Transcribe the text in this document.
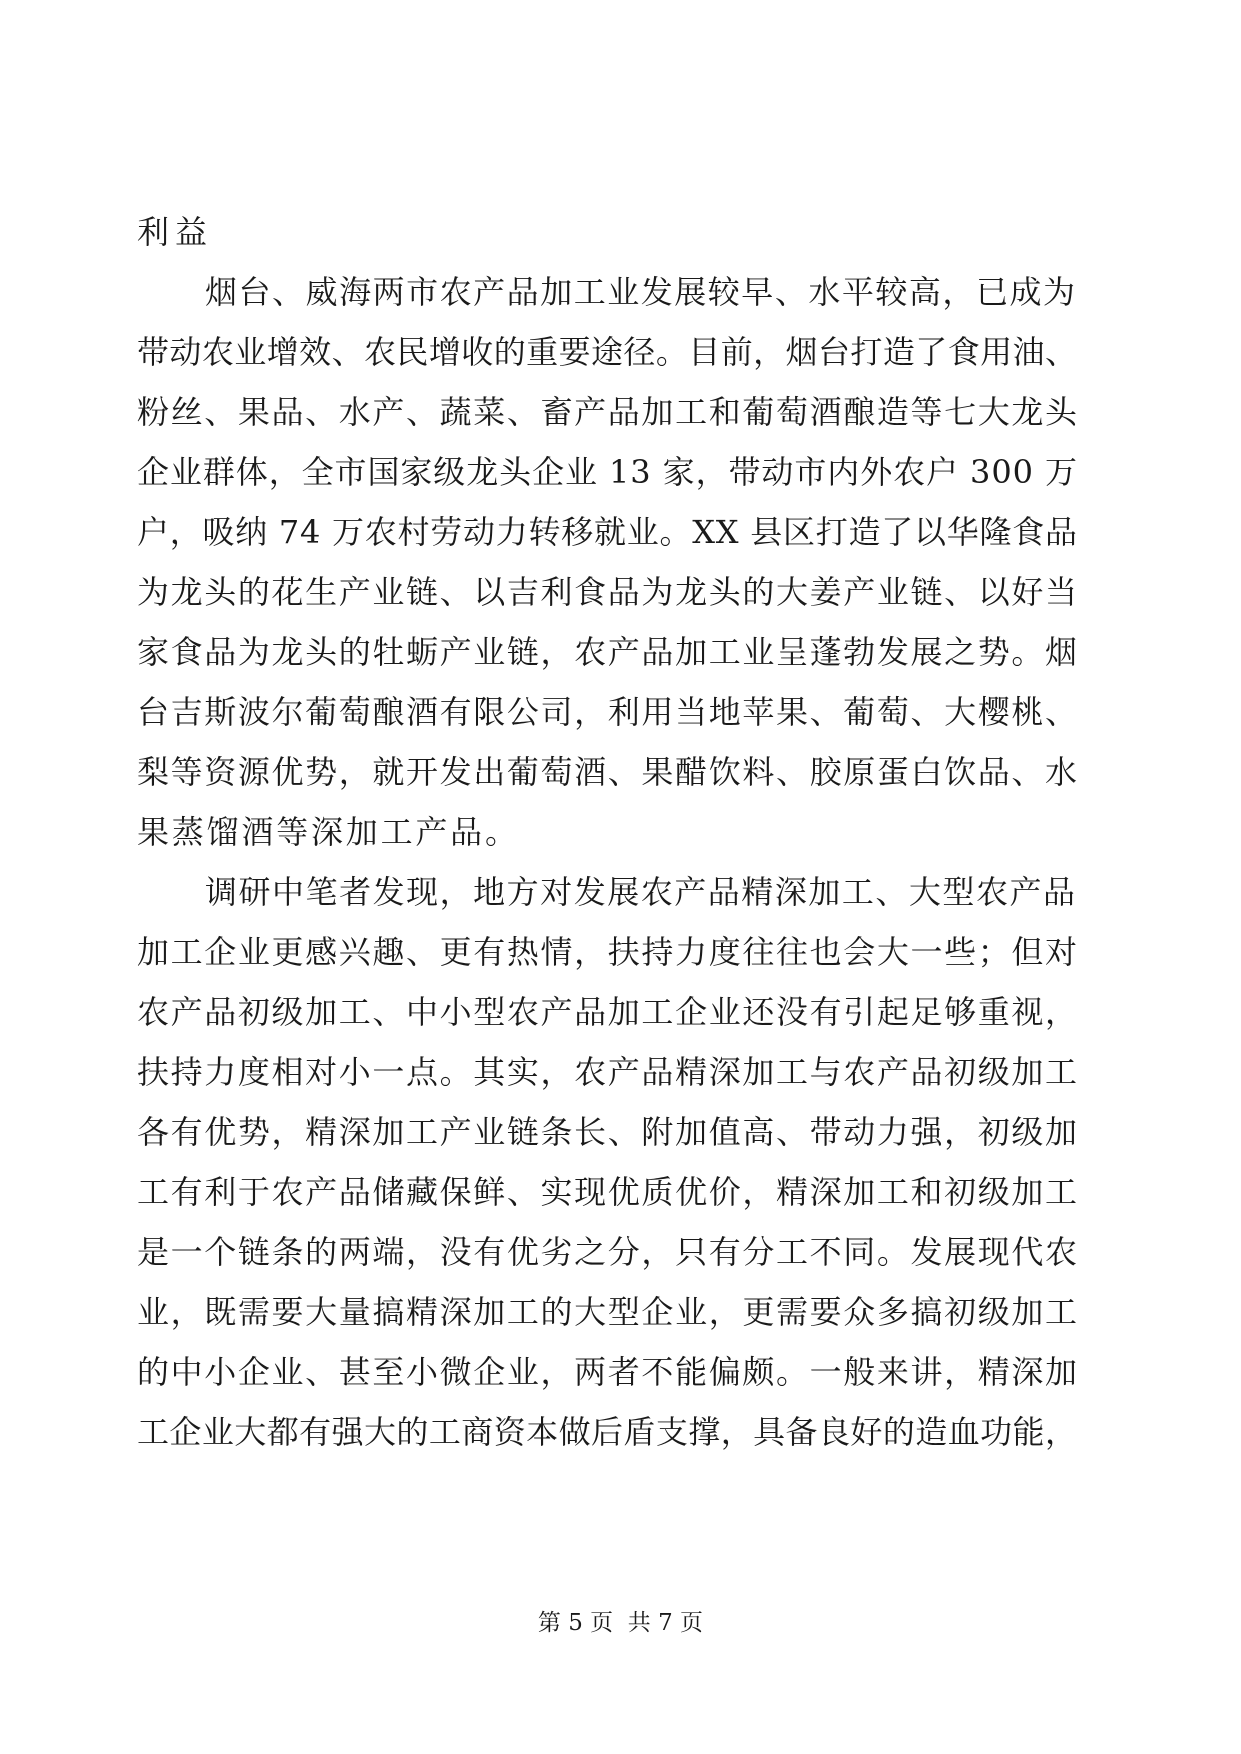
利益
烟台、威海两市农产品加工业发展较早、水平较高，已成为
带动农业增效、农民增收的重要途径。目前，烟台打造了食用油、
粉丝、果品、水产、蔬菜、畜产品加工和葡萄酒酿造等七大龙头
企业群体，全市国家级龙头企业 13 家，带动市内外农户 300 万
户，吸纳 74 万农村劳动力转移就业。XX 县区打造了以华隆食品
为龙头的花生产业链、以吉利食品为龙头的大姜产业链、以好当
家食品为龙头的牡蛎产业链，农产品加工业呈蓬勃发展之势。烟
台吉斯波尔葡萄酿酒有限公司，利用当地苹果、葡萄、大樱桃、
梨等资源优势，就开发出葡萄酒、果醋饮料、胶原蛋白饮品、水
果蒸馏酒等深加工产品。
调研中笔者发现，地方对发展农产品精深加工、大型农产品
加工企业更感兴趣、更有热情，扶持力度往往也会大一些；但对
农产品初级加工、中小型农产品加工企业还没有引起足够重视，
扶持力度相对小一点。其实，农产品精深加工与农产品初级加工
各有优势，精深加工产业链条长、附加值高、带动力强，初级加
工有利于农产品储藏保鲜、实现优质优价，精深加工和初级加工
是一个链条的两端，没有优劣之分，只有分工不同。发展现代农
业，既需要大量搞精深加工的大型企业，更需要众多搞初级加工
的中小企业、甚至小微企业，两者不能偏颇。一般来讲，精深加
工企业大都有强大的工商资本做后盾支撑，具备良好的造血功能，
第 5 页  共 7 页
